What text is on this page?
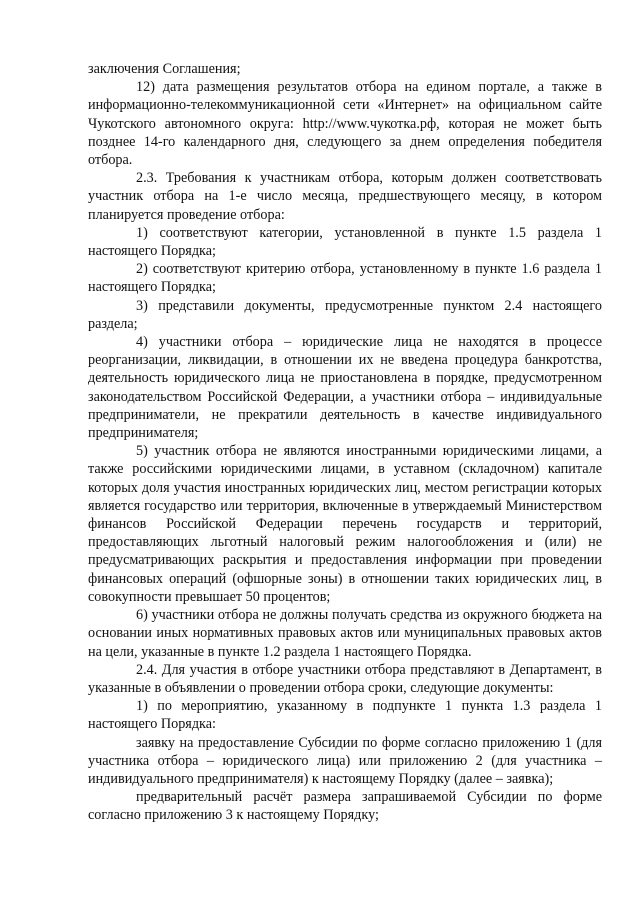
заключения Соглашения;

12) дата размещения результатов отбора на едином портале, а также в информационно-телекоммуникационной сети «Интернет» на официальном сайте Чукотского автономного округа: http://www.чукотка.рф, которая не может быть позднее 14-го календарного дня, следующего за днем определения победителя отбора.

2.3. Требования к участникам отбора, которым должен соответствовать участник отбора на 1-е число месяца, предшествующего месяцу, в котором планируется проведение отбора:

1) соответствуют категории, установленной в пункте 1.5 раздела 1 настоящего Порядка;

2) соответствуют критерию отбора, установленному в пункте 1.6 раздела 1 настоящего Порядка;

3) представили документы, предусмотренные пунктом 2.4 настоящего раздела;

4) участники отбора – юридические лица не находятся в процессе реорганизации, ликвидации, в отношении их не введена процедура банкротства, деятельность юридического лица не приостановлена в порядке, предусмотренном законодательством Российской Федерации, а участники отбора – индивидуальные предприниматели, не прекратили деятельность в качестве индивидуального предпринимателя;

5) участник отбора не являются иностранными юридическими лицами, а также российскими юридическими лицами, в уставном (складочном) капитале которых доля участия иностранных юридических лиц, местом регистрации которых является государство или территория, включенные в утверждаемый Министерством финансов Российской Федерации перечень государств и территорий, предоставляющих льготный налоговый режим налогообложения и (или) не предусматривающих раскрытия и предоставления информации при проведении финансовых операций (офшорные зоны) в отношении таких юридических лиц, в совокупности превышает 50 процентов;

6) участники отбора не должны получать средства из окружного бюджета на основании иных нормативных правовых актов или муниципальных правовых актов на цели, указанные в пункте 1.2 раздела 1 настоящего Порядка.

2.4. Для участия в отборе участники отбора представляют в Департамент, в указанные в объявлении о проведении отбора сроки, следующие документы:

1) по мероприятию, указанному в подпункте 1 пункта 1.3 раздела 1 настоящего Порядка:

заявку на предоставление Субсидии по форме согласно приложению 1 (для участника отбора – юридического лица) или приложению 2 (для участника – индивидуального предпринимателя) к настоящему Порядку (далее – заявка);

предварительный расчёт размера запрашиваемой Субсидии по форме согласно приложению 3 к настоящему Порядку;
